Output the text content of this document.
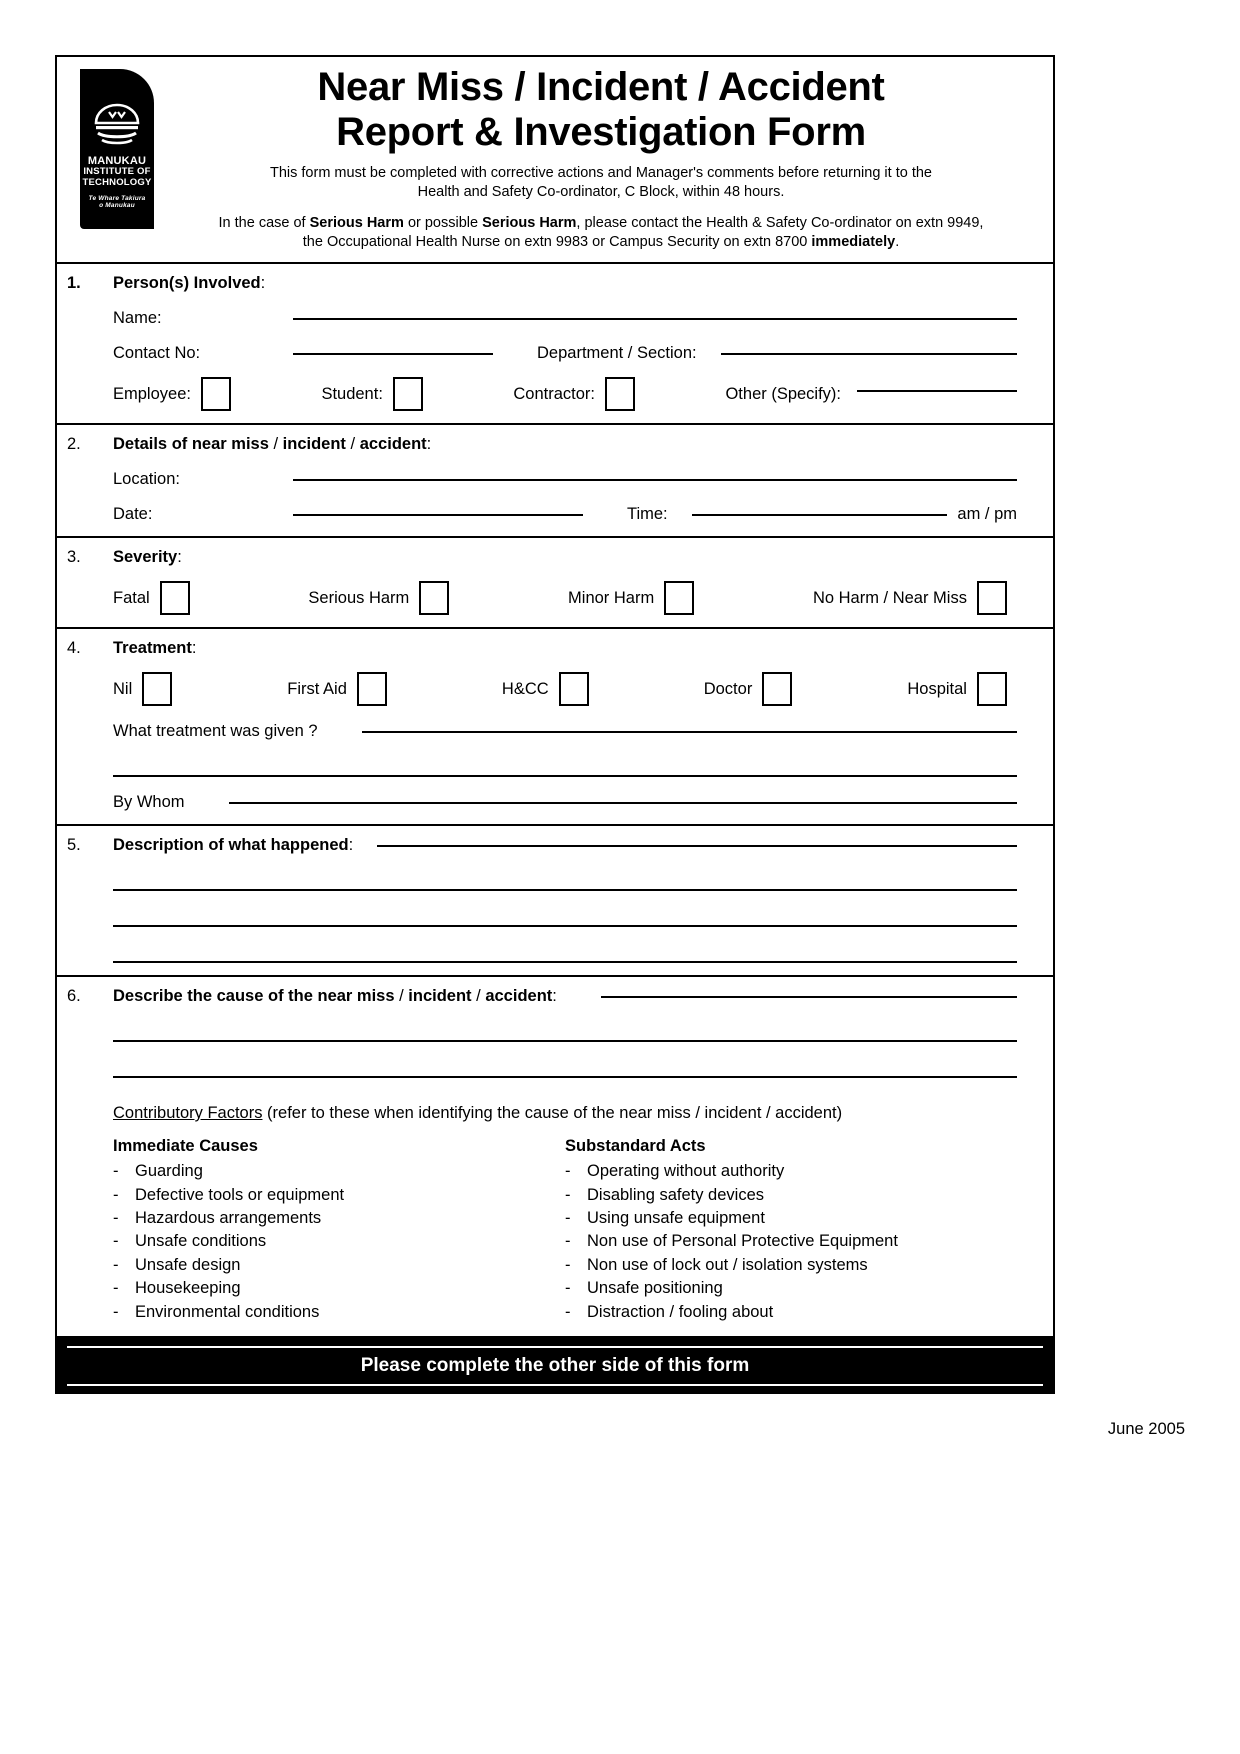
MANUKAU
INSTITUTE OF
TECHNOLOGY
Te Whare Takiura
o Manukau
Near Miss / Incident / Accident
Report & Investigation Form
This form must be completed with corrective actions and Manager's comments before returning it to the
Health and Safety Co-ordinator, C Block, within 48 hours.
In the case of Serious Harm or possible Serious Harm, please contact the Health & Safety Co-ordinator on extn 9949,
the Occupational Health Nurse on extn 9983 or Campus Security on extn 8700 immediately.
1.	Person(s) Involved:
Name:
Contact No:	Department / Section:
Employee:	Student:	Contractor:	Other (Specify):
2.	Details of near miss / incident / accident:
Location:
Date:	Time:	am / pm
3.	Severity:
Fatal	Serious Harm	Minor Harm	No Harm / Near Miss
4.	Treatment:
Nil	First Aid	H&CC	Doctor	Hospital
What treatment was given ?
By Whom
5.	Description of what happened:
6.	Describe the cause of the near miss / incident / accident:
Contributory Factors (refer to these when identifying the cause of the near miss / incident / accident)
Immediate Causes
-	Guarding
-	Defective tools or equipment
-	Hazardous arrangements
-	Unsafe conditions
-	Unsafe design
-	Housekeeping
-	Environmental conditions
Substandard Acts
-	Operating without authority
-	Disabling safety devices
-	Using unsafe equipment
-	Non use of Personal Protective Equipment
-	Non use of lock out / isolation systems
-	Unsafe positioning
-	Distraction / fooling about
Please complete the other side of this form
June 2005
